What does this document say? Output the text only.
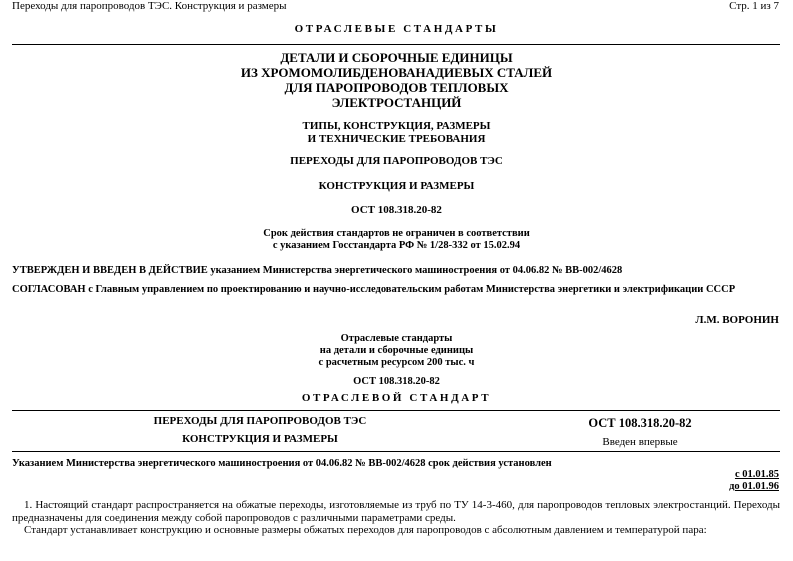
Переходы для паропроводов ТЭС. Конструкция и размеры	Стр. 1 из 7
ОТРАСЛЕВЫЕ СТАНДАРТЫ
ДЕТАЛИ И СБОРОЧНЫЕ ЕДИНИЦЫ
ИЗ ХРОМОМОЛИБДЕНОВАНАДИЕВЫХ СТАЛЕЙ
ДЛЯ ПАРОПРОВОДОВ ТЕПЛОВЫХ
ЭЛЕКТРОСТАНЦИЙ
ТИПЫ, КОНСТРУКЦИЯ, РАЗМЕРЫ
И ТЕХНИЧЕСКИЕ ТРЕБОВАНИЯ
ПЕРЕХОДЫ ДЛЯ ПАРОПРОВОДОВ ТЭС
КОНСТРУКЦИЯ И РАЗМЕРЫ
ОСТ 108.318.20-82
Срок действия стандартов не ограничен в соответствии
с указанием Госстандарта РФ № 1/28-332 от 15.02.94
УТВЕРЖДЕН И ВВЕДЕН В ДЕЙСТВИЕ указанием Министерства энергетического машиностроения от 04.06.82 № ВВ-002/4628
СОГЛАСОВАН с Главным управлением по проектированию и научно-исследовательским работам Министерства энергетики и электрификации СССР
Л.М. ВОРОНИН
Отраслевые стандарты
на детали и сборочные единицы
с расчетным ресурсом 200 тыс. ч
ОСТ 108.318.20-82
ОТРАСЛЕВОЙ СТАНДАРТ
ПЕРЕХОДЫ ДЛЯ ПАРОПРОВОДОВ ТЭС
КОНСТРУКЦИЯ И РАЗМЕРЫ
ОСТ 108.318.20-82
Введен впервые
Указанием Министерства энергетического машиностроения от 04.06.82 № ВВ-002/4628 срок действия установлен
с 01.01.85
до 01.01.96
1. Настоящий стандарт распространяется на обжатые переходы, изготовляемые из труб по ТУ 14-3-460, для паропроводов тепловых электростанций. Переходы предназначены для соединения между собой паропроводов с различными параметрами среды.
Стандарт устанавливает конструкцию и основные размеры обжатых переходов для паропроводов с абсолютным давлением и температурой пара:
